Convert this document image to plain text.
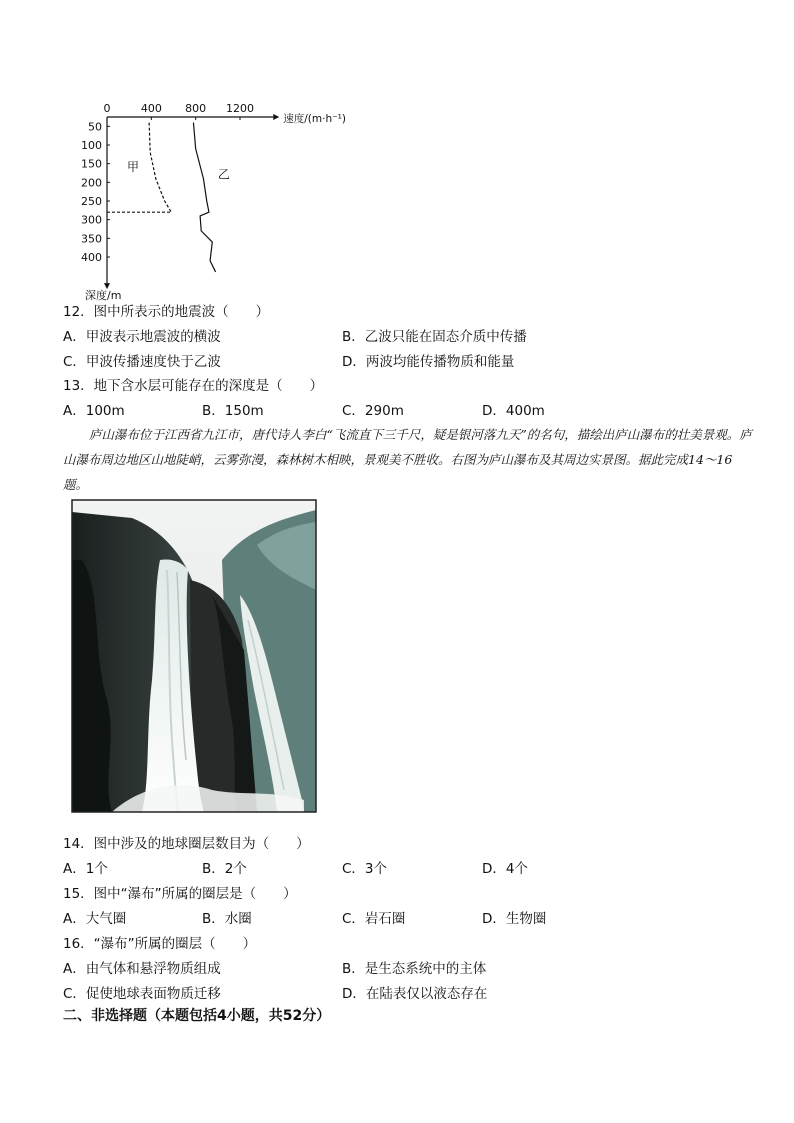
0	400 800 1200
速度/(m·h⁻¹)
50
100
150
200
250
300
350
400
深度/m
甲
乙
12．图中所表示的地震波（　　）
A．甲波表示地震波的横波	B．乙波只能在固态介质中传播
C．甲波传播速度快于乙波	D．两波均能传播物质和能量
13．地下含水层可能存在的深度是（　　）
A．100m	B．150m	C．290m	D．400m
庐山瀑布位于江西省九江市，唐代诗人李白“飞流直下三千尺，疑是银河落九天”的名句，描绘出庐山瀑布的壮美景观。庐山瀑布周边地区山地陡峭，云雾弥漫，森林树木相映，景观美不胜收。右图为庐山瀑布及其周边实景图。据此完成14～16题。
14．图中涉及的地球圈层数目为（　　）
A．1个	B．2个	C．3个	D．4个
15．图中“瀑布”所属的圈层是（　　）
A．大气圈	B．水圈	C．岩石圈	D．生物圈
16．“瀑布”所属的圈层（　　）
A．由气体和悬浮物质组成	B．是生态系统中的主体
C．促使地球表面物质迁移	D．在陆表仅以液态存在
二、非选择题（本题包括4小题，共52分）
